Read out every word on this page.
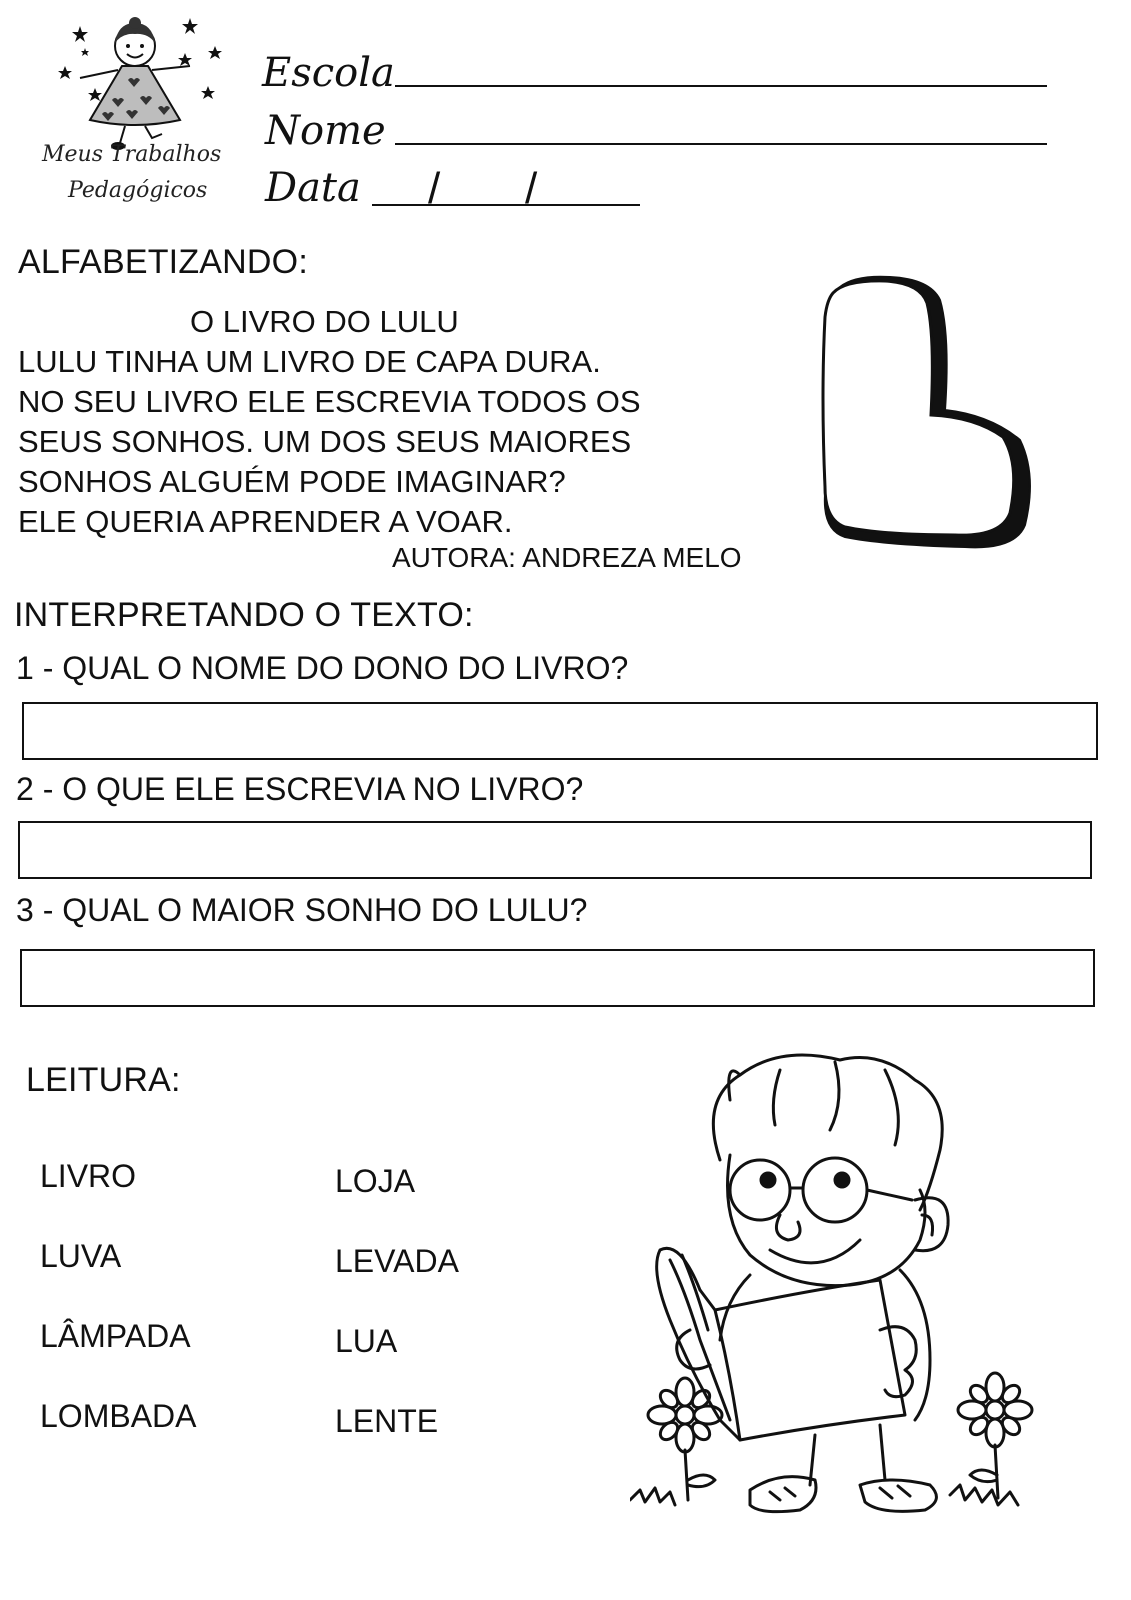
Meus Trabalhos
Pedagógicos
Escola
Nome
Data / /
ALFABETIZANDO:
O LIVRO DO LULU
LULU TINHA UM LIVRO DE CAPA DURA.
NO SEU LIVRO ELE ESCREVIA TODOS OS
SEUS SONHOS. UM DOS SEUS MAIORES
SONHOS ALGUÉM PODE IMAGINAR?
ELE QUERIA APRENDER A VOAR.
AUTORA: ANDREZA MELO
INTERPRETANDO O TEXTO:
1 - QUAL O NOME DO DONO DO LIVRO?
2 - O QUE ELE ESCREVIA NO LIVRO?
3 - QUAL O MAIOR SONHO DO LULU?
LEITURA:
LIVRO
LUVA
LÂMPADA
LOMBADA
LOJA
LEVADA
LUA
LENTE
